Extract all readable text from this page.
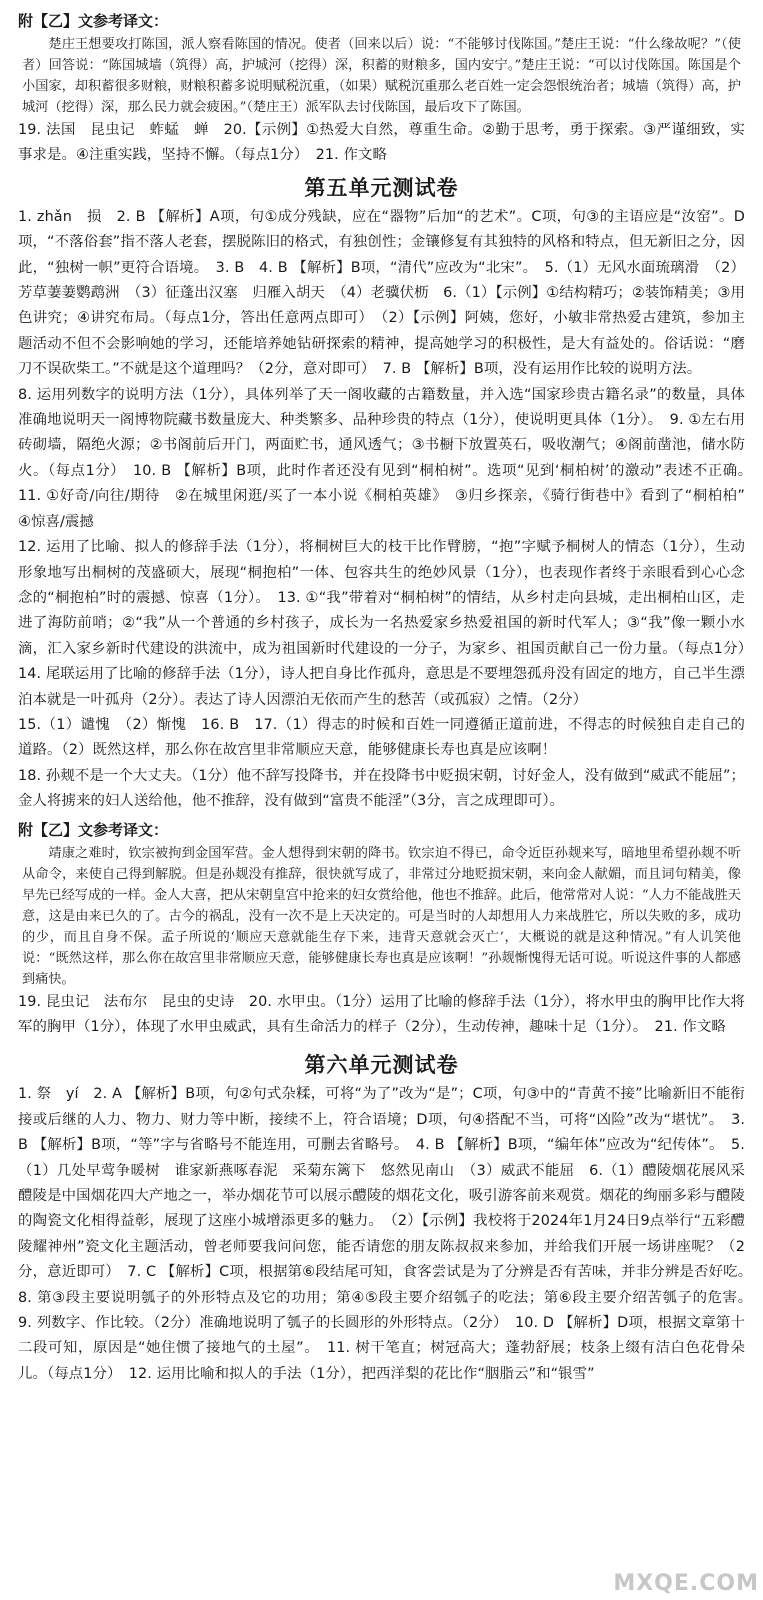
附【乙】文参考译文：

楚庄王想要攻打陈国，派人察看陈国的情况。使者（回来以后）说：“不能够讨伐陈国。”楚庄王说：“什么缘故呢？”（使者）回答说：“陈国城墙（筑得）高，护城河（挖得）深，积蓄的财粮多，国内安宁。”楚庄王说：“可以讨伐陈国。陈国是个小国家，却积蓄很多财粮，财粮积蓄多说明赋税沉重，（如果）赋税沉重那么老百姓一定会怨恨统治者；城墙（筑得）高，护城河（挖得）深，那么民力就会疲困。”（楚庄王）派军队去讨伐陈国，最后攻下了陈国。

19. 法国　昆虫记　蚱蜢　蝉　20.【示例】①热爱大自然，尊重生命。②勤于思考，勇于探索。③严谨细致，实事求是。④注重实践，坚持不懈。（每点1分）　21. 作文略

第五单元测试卷

1. zhǎn　损　2. B 【解析】A项，句①成分残缺，应在“器物”后加“的艺术”。C项，句③的主语应是“汝窑”。D项，“不落俗套”指不落人老套，摆脱陈旧的格式，有独创性；金镶修复有其独特的风格和特点，但无新旧之分，因此，“独树一帜”更符合语境。　3. B　4. B 【解析】B项，“清代”应改为“北宋”。　5.（1）无风水面琉璃滑　（2）芳草萋萋鹦鹉洲　（3）征蓬出汉塞　归雁入胡天　（4）老骥伏枥　6.（1）【示例】①结构精巧；②装饰精美；③用色讲究；④讲究布局。（每点1分，答出任意两点即可）　（2）【示例】阿姨，您好，小敏非常热爱古建筑，参加主题活动不但不会影响她的学习，还能培养她钻研探索的精神，提高她学习的积极性，是大有益处的。俗话说：“磨刀不误砍柴工。”不就是这个道理吗？（2分，意对即可）　7. B 【解析】B项，没有运用作比较的说明方法。

8. 运用列数字的说明方法（1分），具体列举了天一阁收藏的古籍数量，并入选“国家珍贵古籍名录”的数量，具体准确地说明天一阁博物院藏书数量庞大、种类繁多、品种珍贵的特点（1分），使说明更具体（1分）。　9. ①左右用砖砌墙，隔绝火源；②书阁前后开门，两面贮书，通风透气；③书橱下放置英石，吸收潮气；④阁前凿池，储水防火。（每点1分）　10. B 【解析】B项，此时作者还没有见到“桐柏树”。选项“见到‘桐柏树’的激动”表述不正确。　11. ①好奇/向往/期待　②在城里闲逛/买了一本小说《桐柏英雄》　③归乡探亲，《骑行街巷中》看到了“桐柏柏”　④惊喜/震撼

12. 运用了比喻、拟人的修辞手法（1分），将桐树巨大的枝干比作臂膀，“抱”字赋予桐树人的情态（1分），生动形象地写出桐树的茂盛硕大，展现“桐抱柏”一体、包容共生的绝妙风景（1分），也表现作者终于亲眼看到心心念念的“桐抱柏”时的震撼、惊喜（1分）。　13. ①“我”带着对“桐柏树”的情结，从乡村走向县城，走出桐柏山区，走进了海防前哨；②“我”从一个普通的乡村孩子，成长为一名热爱家乡热爱祖国的新时代军人；③“我”像一颗小水滴，汇入家乡新时代建设的洪流中，成为祖国新时代建设的一分子，为家乡、祖国贡献自己一份力量。（每点1分）　14. 尾联运用了比喻的修辞手法（1分），诗人把自身比作孤舟，意思是不要埋怨孤舟没有固定的地方，自己半生漂泊本就是一叶孤舟（2分）。表达了诗人因漂泊无依而产生的愁苦（或孤寂）之情。（2分）

15.（1）谴愧　（2）惭愧　16. B　17.（1）得志的时候和百姓一同遵循正道前进，不得志的时候独自走自己的道路。（2）既然这样，那么你在故宫里非常顺应天意，能够健康长寿也真是应该啊！

18. 孙觌不是一个大丈夫。（1分）他不辞写投降书，并在投降书中贬损宋朝，讨好金人，没有做到“威武不能屈”；金人将掳来的妇人送给他，他不推辞，没有做到“富贵不能淫”（3分，言之成理即可）。

附【乙】文参考译文：

靖康之难时，钦宗被拘到金国军营。金人想得到宋朝的降书。钦宗迫不得已，命令近臣孙觌来写，暗地里希望孙觌不听从命令，来使自己得到解脱。但是孙觌没有推辞，很快就写成了，非常过分地贬损宋朝，来向金人献媚，而且词句精美，像早先已经写成的一样。金人大喜，把从宋朝皇宫中抢来的妇女赏给他，他也不推辞。此后，他常常对人说：“人力不能战胜天意，这是由来已久的了。古今的祸乱，没有一次不是上天决定的。可是当时的人却想用人力来战胜它，所以失败的多，成功的少，而且自身不保。孟子所说的‘顺应天意就能生存下来，违背天意就会灭亡’，大概说的就是这种情况。”有人讥笑他说：“既然这样，那么你在故宫里非常顺应天意，能够健康长寿也真是应该啊！”孙觌惭愧得无话可说。听说这件事的人都感到痛快。

19. 昆虫记　法布尔　昆虫的史诗　20. 水甲虫。（1分）运用了比喻的修辞手法（1分），将水甲虫的胸甲比作大将军的胸甲（1分），体现了水甲虫威武，具有生命活力的样子（2分），生动传神，趣味十足（1分）。　21. 作文略

第六单元测试卷

1. 祭　yí　2. A 【解析】B项，句②句式杂糅，可将“为了”改为“是”；C项，句③中的“青黄不接”比喻新旧不能衔接或后继的人力、物力、财力等中断，接续不上，符合语境；D项，句④搭配不当，可将“凶险”改为“堪忧”。　3. B 【解析】B项，“等”字与省略号不能连用，可删去省略号。　4. B 【解析】B项，“编年体”应改为“纪传体”。　5.（1）几处早莺争暖树　谁家新燕啄春泥　采菊东篱下　悠然见南山　（3）威武不能屈　6.（1）醴陵烟花展风采　醴陵是中国烟花四大产地之一，举办烟花节可以展示醴陵的烟花文化，吸引游客前来观赏。烟花的绚丽多彩与醴陵的陶瓷文化相得益彰，展现了这座小城增添更多的魅力。　（2）【示例】我校将于2024年1月24日9点举行“五彩醴陵耀神州”瓷文化主题活动，曾老师要我问问您，能否请您的朋友陈叔叔来参加，并给我们开展一场讲座呢？（2分，意近即可）　7. C 【解析】C项，根据第⑥段结尾可知，食客尝试是为了分辨是否有苦味，并非分辨是否好吃。　8. 第③段主要说明瓠子的外形特点及它的功用；第④⑤段主要介绍瓠子的吃法；第⑥段主要介绍苦瓠子的危害。　9. 列数字、作比较。（2分）准确地说明了瓠子的长圆形的外形特点。（2分）　10. D 【解析】D项，根据文章第十二段可知，原因是“她住惯了接地气的土屋”。　11. 树干笔直；树冠高大；蓬勃舒展；枝条上缀有洁白色花骨朵儿。（每点1分）　12. 运用比喻和拟人的手法（1分），把西洋梨的花比作“胭脂云”和“银雪”

MXQE.COM
